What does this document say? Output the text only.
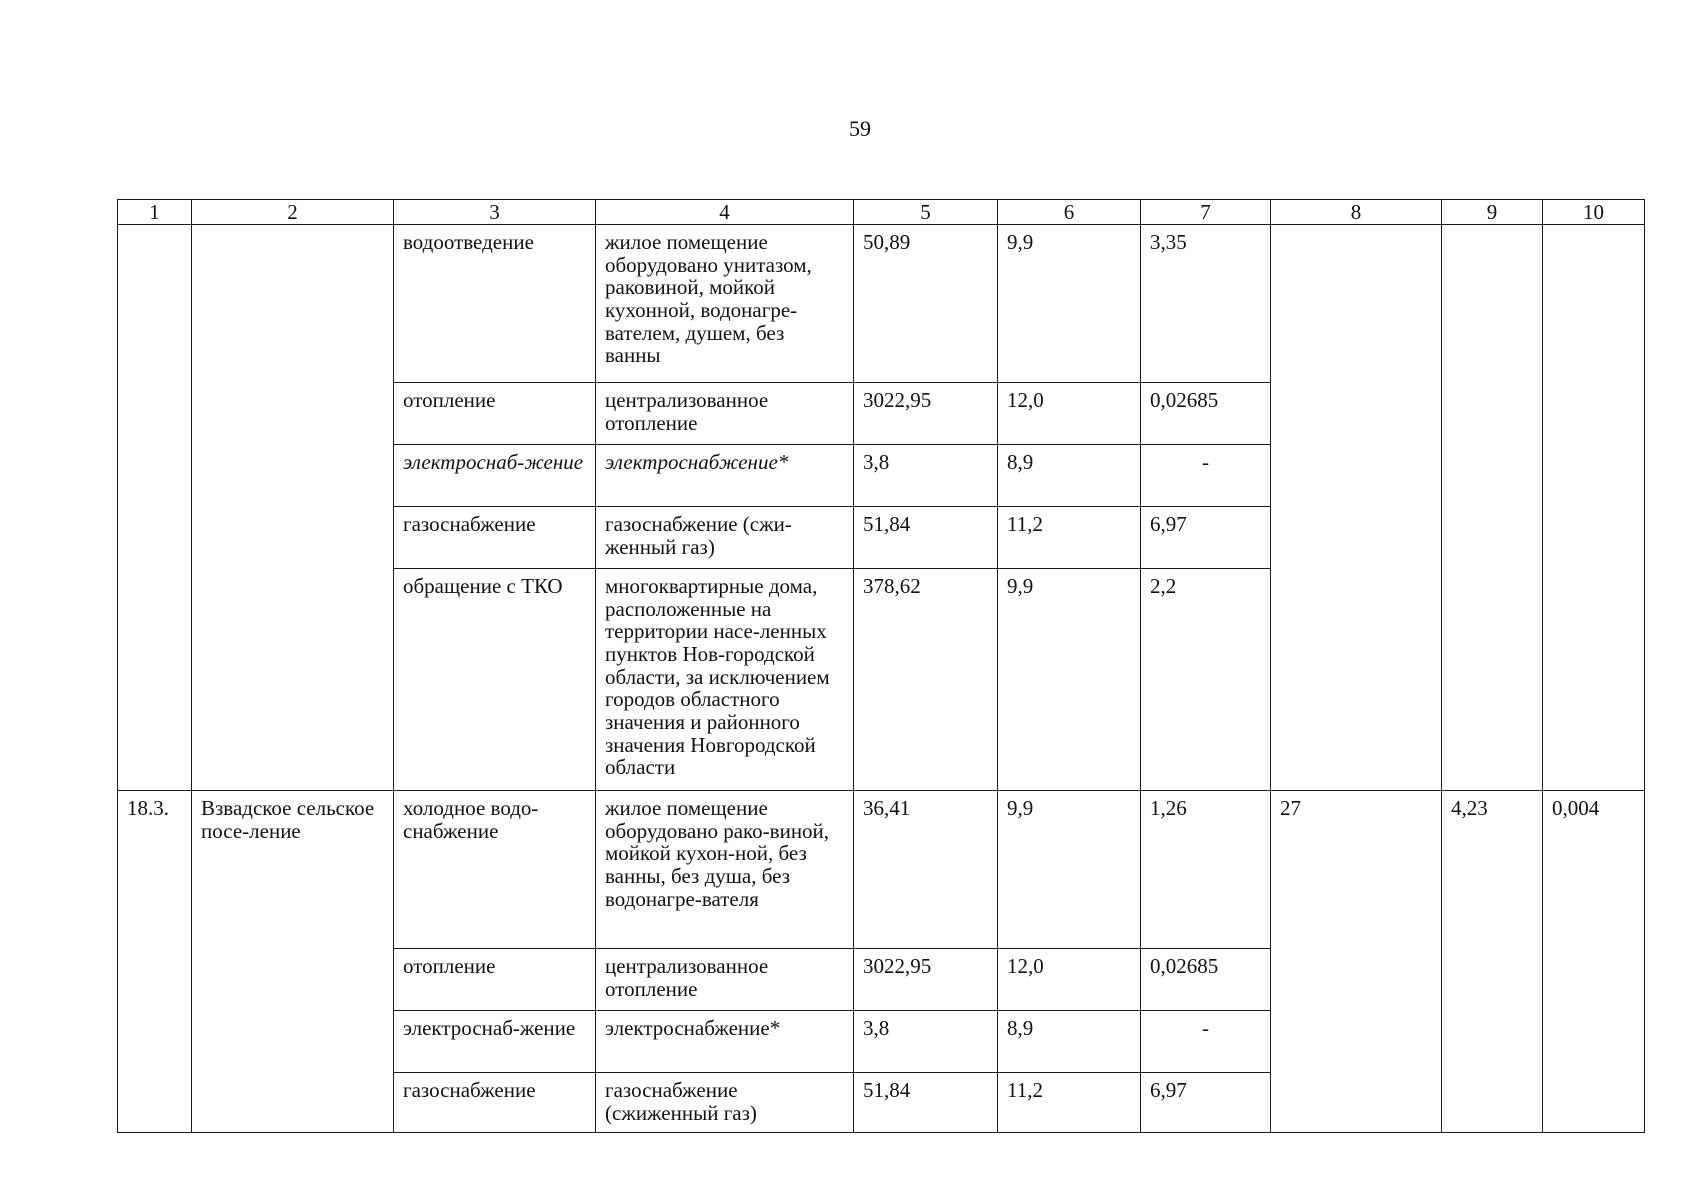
59
1	2	3	4	5	6	7	8	9	10
		водоотведение	жилое помещение оборудовано унитазом, раковиной, мойкой кухонной, водонагре-вателем, душем, без ванны	50,89	9,9	3,35			
		отопление	централизованное отопление	3022,95	12,0	0,02685			
		электроснаб-жение	электроснабжение*	3,8	8,9	-			
		газоснабжение	газоснабжение (сжи-женный газ)	51,84	11,2	6,97			
		обращение с ТКО	многоквартирные дома, расположенные на территории насе-ленных пунктов Нов-городской области, за исключением городов областного значения и районного значения Новгородской области	378,62	9,9	2,2			
18.3.	Взвадское сельское посе-ление	холодное водо-снабжение	жилое помещение оборудовано рако-виной, мойкой кухон-ной, без ванны, без душа, без водонагре-вателя	36,41	9,9	1,26	27	4,23	0,004
		отопление	централизованное отопление	3022,95	12,0	0,02685			
		электроснаб-жение	электроснабжение*	3,8	8,9	-			
		газоснабжение	газоснабжение (сжиженный газ)	51,84	11,2	6,97			
